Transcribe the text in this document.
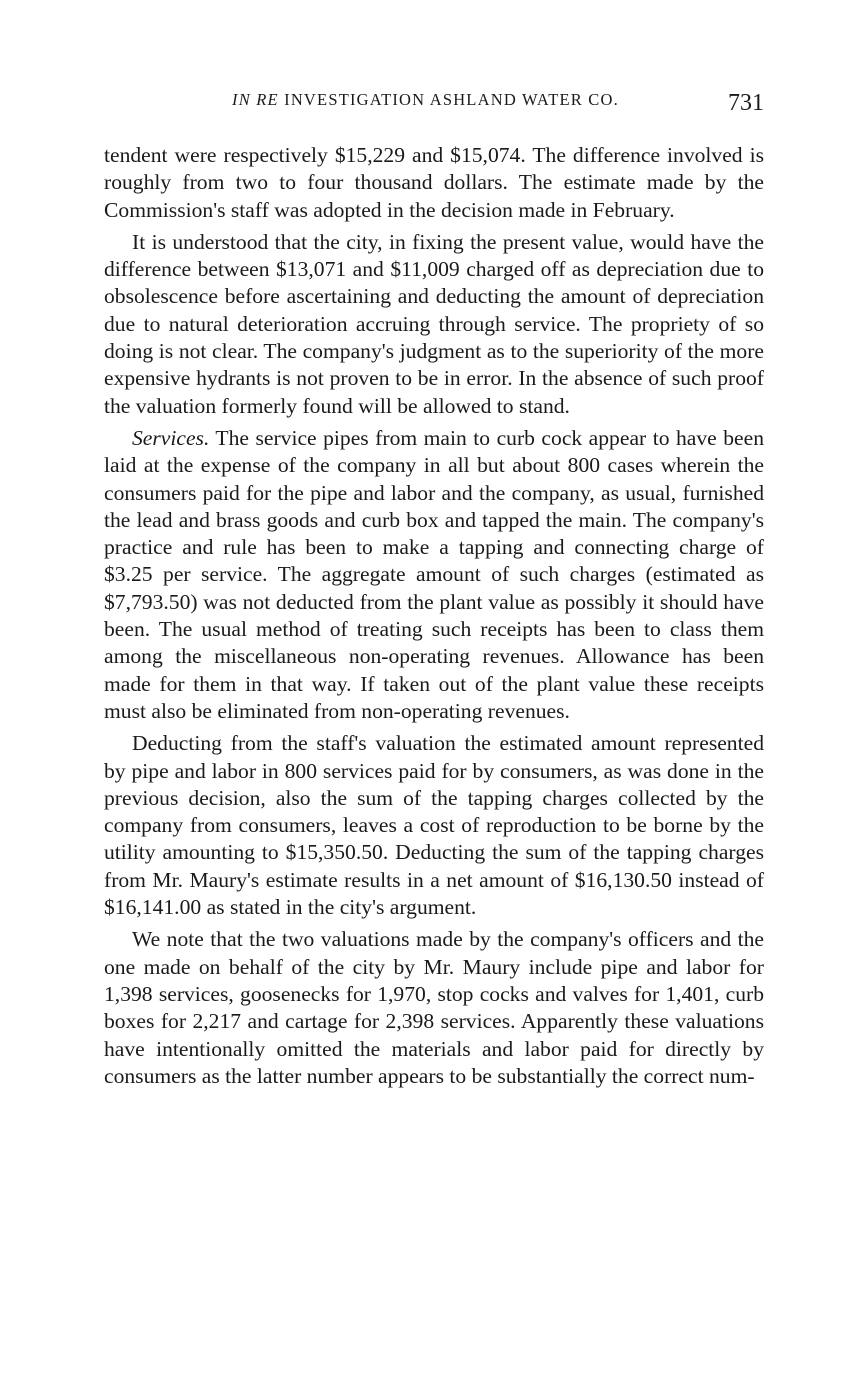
IN RE INVESTIGATION ASHLAND WATER CO.	731

tendent were respectively $15,229 and $15,074. The difference involved is roughly from two to four thousand dollars. The estimate made by the Commission's staff was adopted in the decision made in February.

It is understood that the city, in fixing the present value, would have the difference between $13,071 and $11,009 charged off as depreciation due to obsolescence before ascertaining and deducting the amount of depreciation due to natural deterioration accruing through service. The propriety of so doing is not clear. The company's judgment as to the superiority of the more expensive hydrants is not proven to be in error. In the absence of such proof the valuation formerly found will be allowed to stand.

Services. The service pipes from main to curb cock appear to have been laid at the expense of the company in all but about 800 cases wherein the consumers paid for the pipe and labor and the company, as usual, furnished the lead and brass goods and curb box and tapped the main. The company's practice and rule has been to make a tapping and connecting charge of $3.25 per service. The aggregate amount of such charges (estimated as $7,793.50) was not deducted from the plant value as possibly it should have been. The usual method of treating such receipts has been to class them among the miscellaneous non-operating revenues. Allowance has been made for them in that way. If taken out of the plant value these receipts must also be eliminated from non-operating revenues.

Deducting from the staff's valuation the estimated amount represented by pipe and labor in 800 services paid for by consumers, as was done in the previous decision, also the sum of the tapping charges collected by the company from consumers, leaves a cost of reproduction to be borne by the utility amounting to $15,350.50. Deducting the sum of the tapping charges from Mr. Maury's estimate results in a net amount of $16,130.50 instead of $16,141.00 as stated in the city's argument.

We note that the two valuations made by the company's officers and the one made on behalf of the city by Mr. Maury include pipe and labor for 1,398 services, goosenecks for 1,970, stop cocks and valves for 1,401, curb boxes for 2,217 and cartage for 2,398 services. Apparently these valuations have intentionally omitted the materials and labor paid for directly by consumers as the latter number appears to be substantially the correct num-
